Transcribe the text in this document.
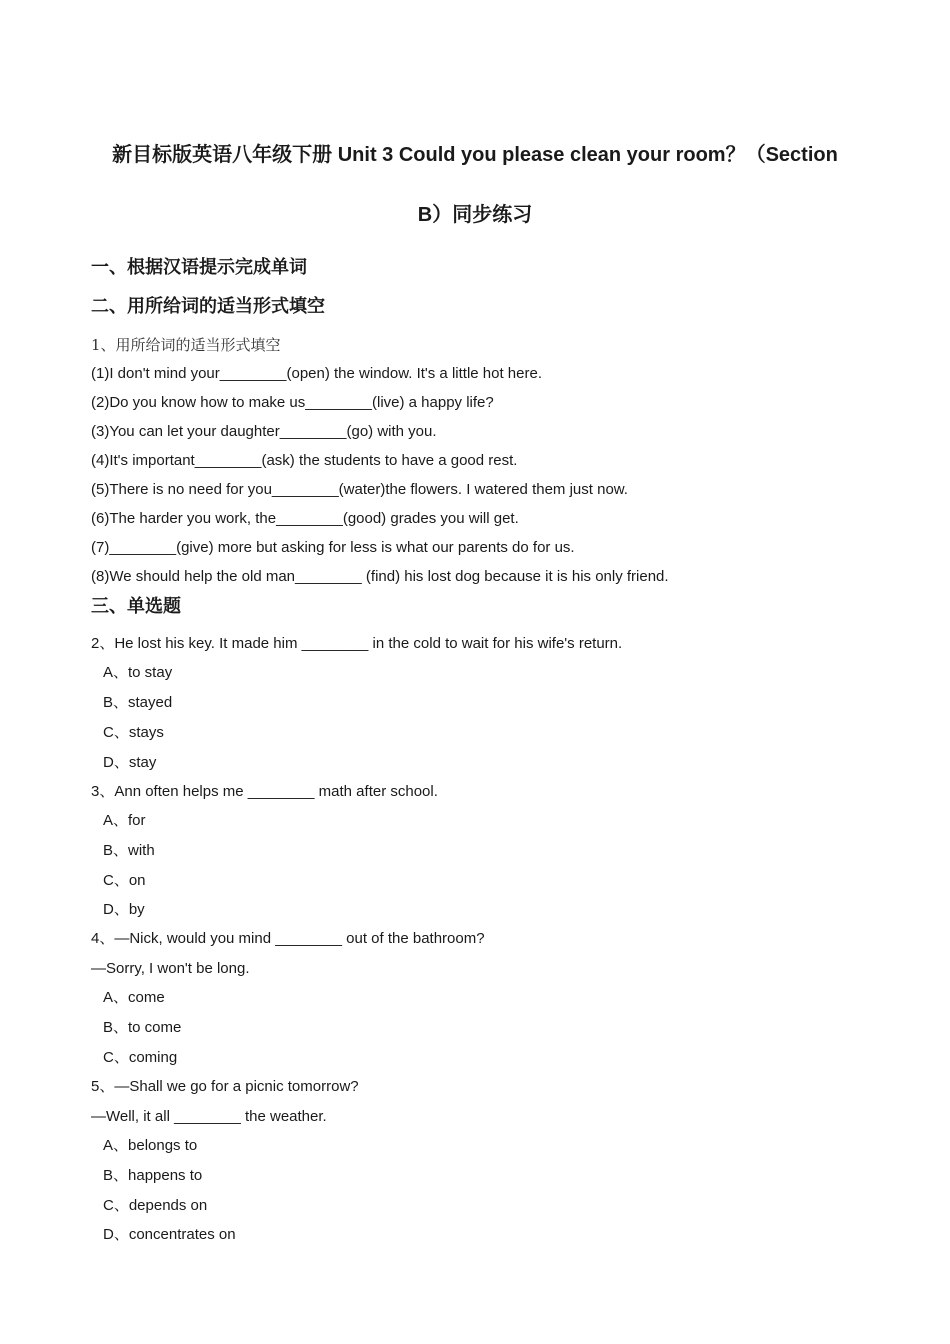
新目标版英语八年级下册 Unit 3 Could you please clean your room？（Section
B）同步练习
一、根据汉语提示完成单词
二、用所给词的适当形式填空
1、用所给词的适当形式填空
(1)I don't mind your________(open) the window. It's a little hot here.
(2)Do you know how to make us________(live) a happy life?
(3)You can let your daughter________(go) with you.
(4)It's important________(ask) the students to have a good rest.
(5)There is no need for you________(water)the flowers. I watered them just now.
(6)The harder you work, the________(good) grades you will get.
(7)________(give) more but asking for less is what our parents do for us.
(8)We should help the old man________ (find) his lost dog because it is his only friend.
三、单选题
2、He lost his key. It made him ________ in the cold to wait for his wife's return.
A、to stay
B、stayed
C、stays
D、stay
3、Ann often helps me ________ math after school.
A、for
B、with
C、on
D、by
4、—Nick, would you mind ________ out of the bathroom?
—Sorry, I won't be long.
A、come
B、to come
C、coming
5、—Shall we go for a picnic tomorrow?
—Well, it all ________ the weather.
A、belongs to
B、happens to
C、depends on
D、concentrates on
